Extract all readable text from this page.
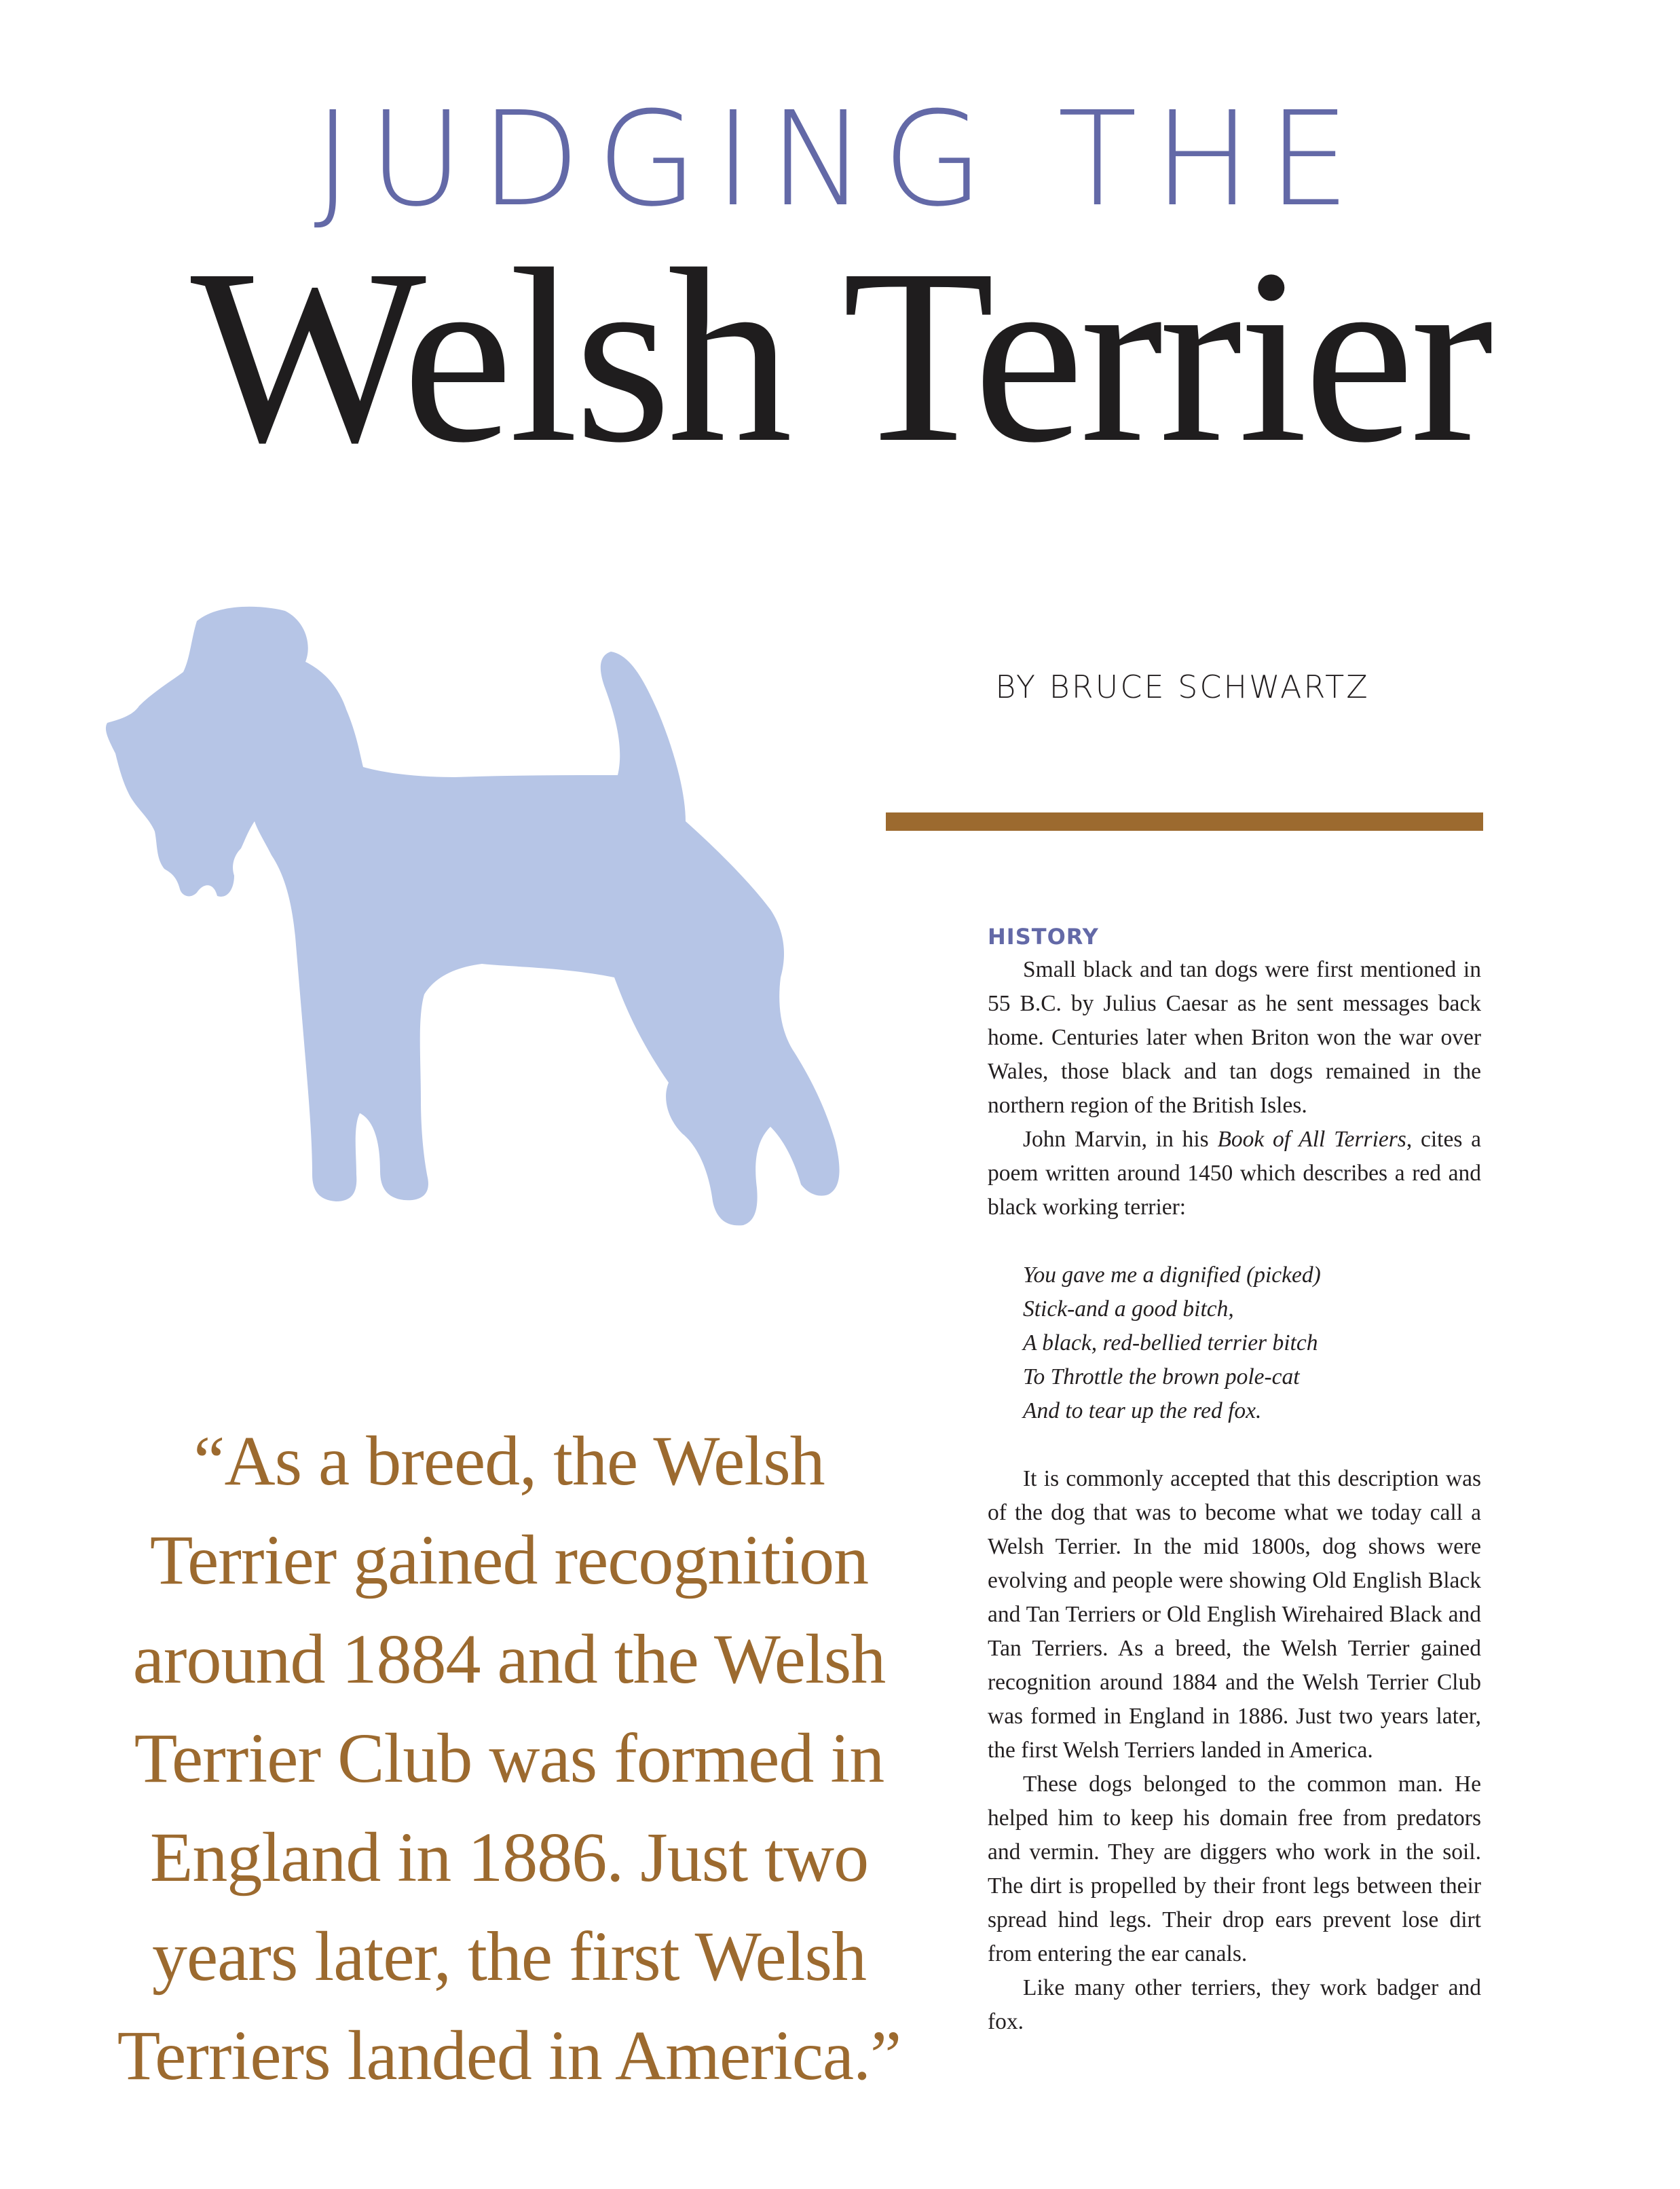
JUDGING THE
Welsh Terrier
BY BRUCE SCHWARTZ
HISTORY

Small black and tan dogs were first mentioned in 55 B.C. by Julius Caesar as he sent messages back home. Centuries later when Briton won the war over Wales, those black and tan dogs remained in the northern region of the British Isles.

John Marvin, in his Book of All Terriers, cites a poem written around 1450 which describes a red and black working terrier:

You gave me a dignified (picked)
Stick-and a good bitch,
A black, red-bellied terrier bitch
To Throttle the brown pole-cat
And to tear up the red fox.

It is commonly accepted that this description was of the dog that was to become what we today call a Welsh Terrier. In the mid 1800s, dog shows were evolving and people were showing Old English Black and Tan Terriers or Old English Wirehaired Black and Tan Terriers. As a breed, the Welsh Terrier gained recognition around 1884 and the Welsh Terrier Club was formed in England in 1886. Just two years later, the first Welsh Terriers landed in America.

These dogs belonged to the common man. He helped him to keep his domain free from predators and vermin. They are diggers who work in the soil. The dirt is propelled by their front legs between their spread hind legs. Their drop ears prevent lose dirt from entering the ear canals.

Like many other terriers, they work badger and fox.

“As a breed, the Welsh Terrier gained recognition around 1884 and the Welsh Terrier Club was formed in England in 1886. Just two years later, the first Welsh Terriers landed in America.”
